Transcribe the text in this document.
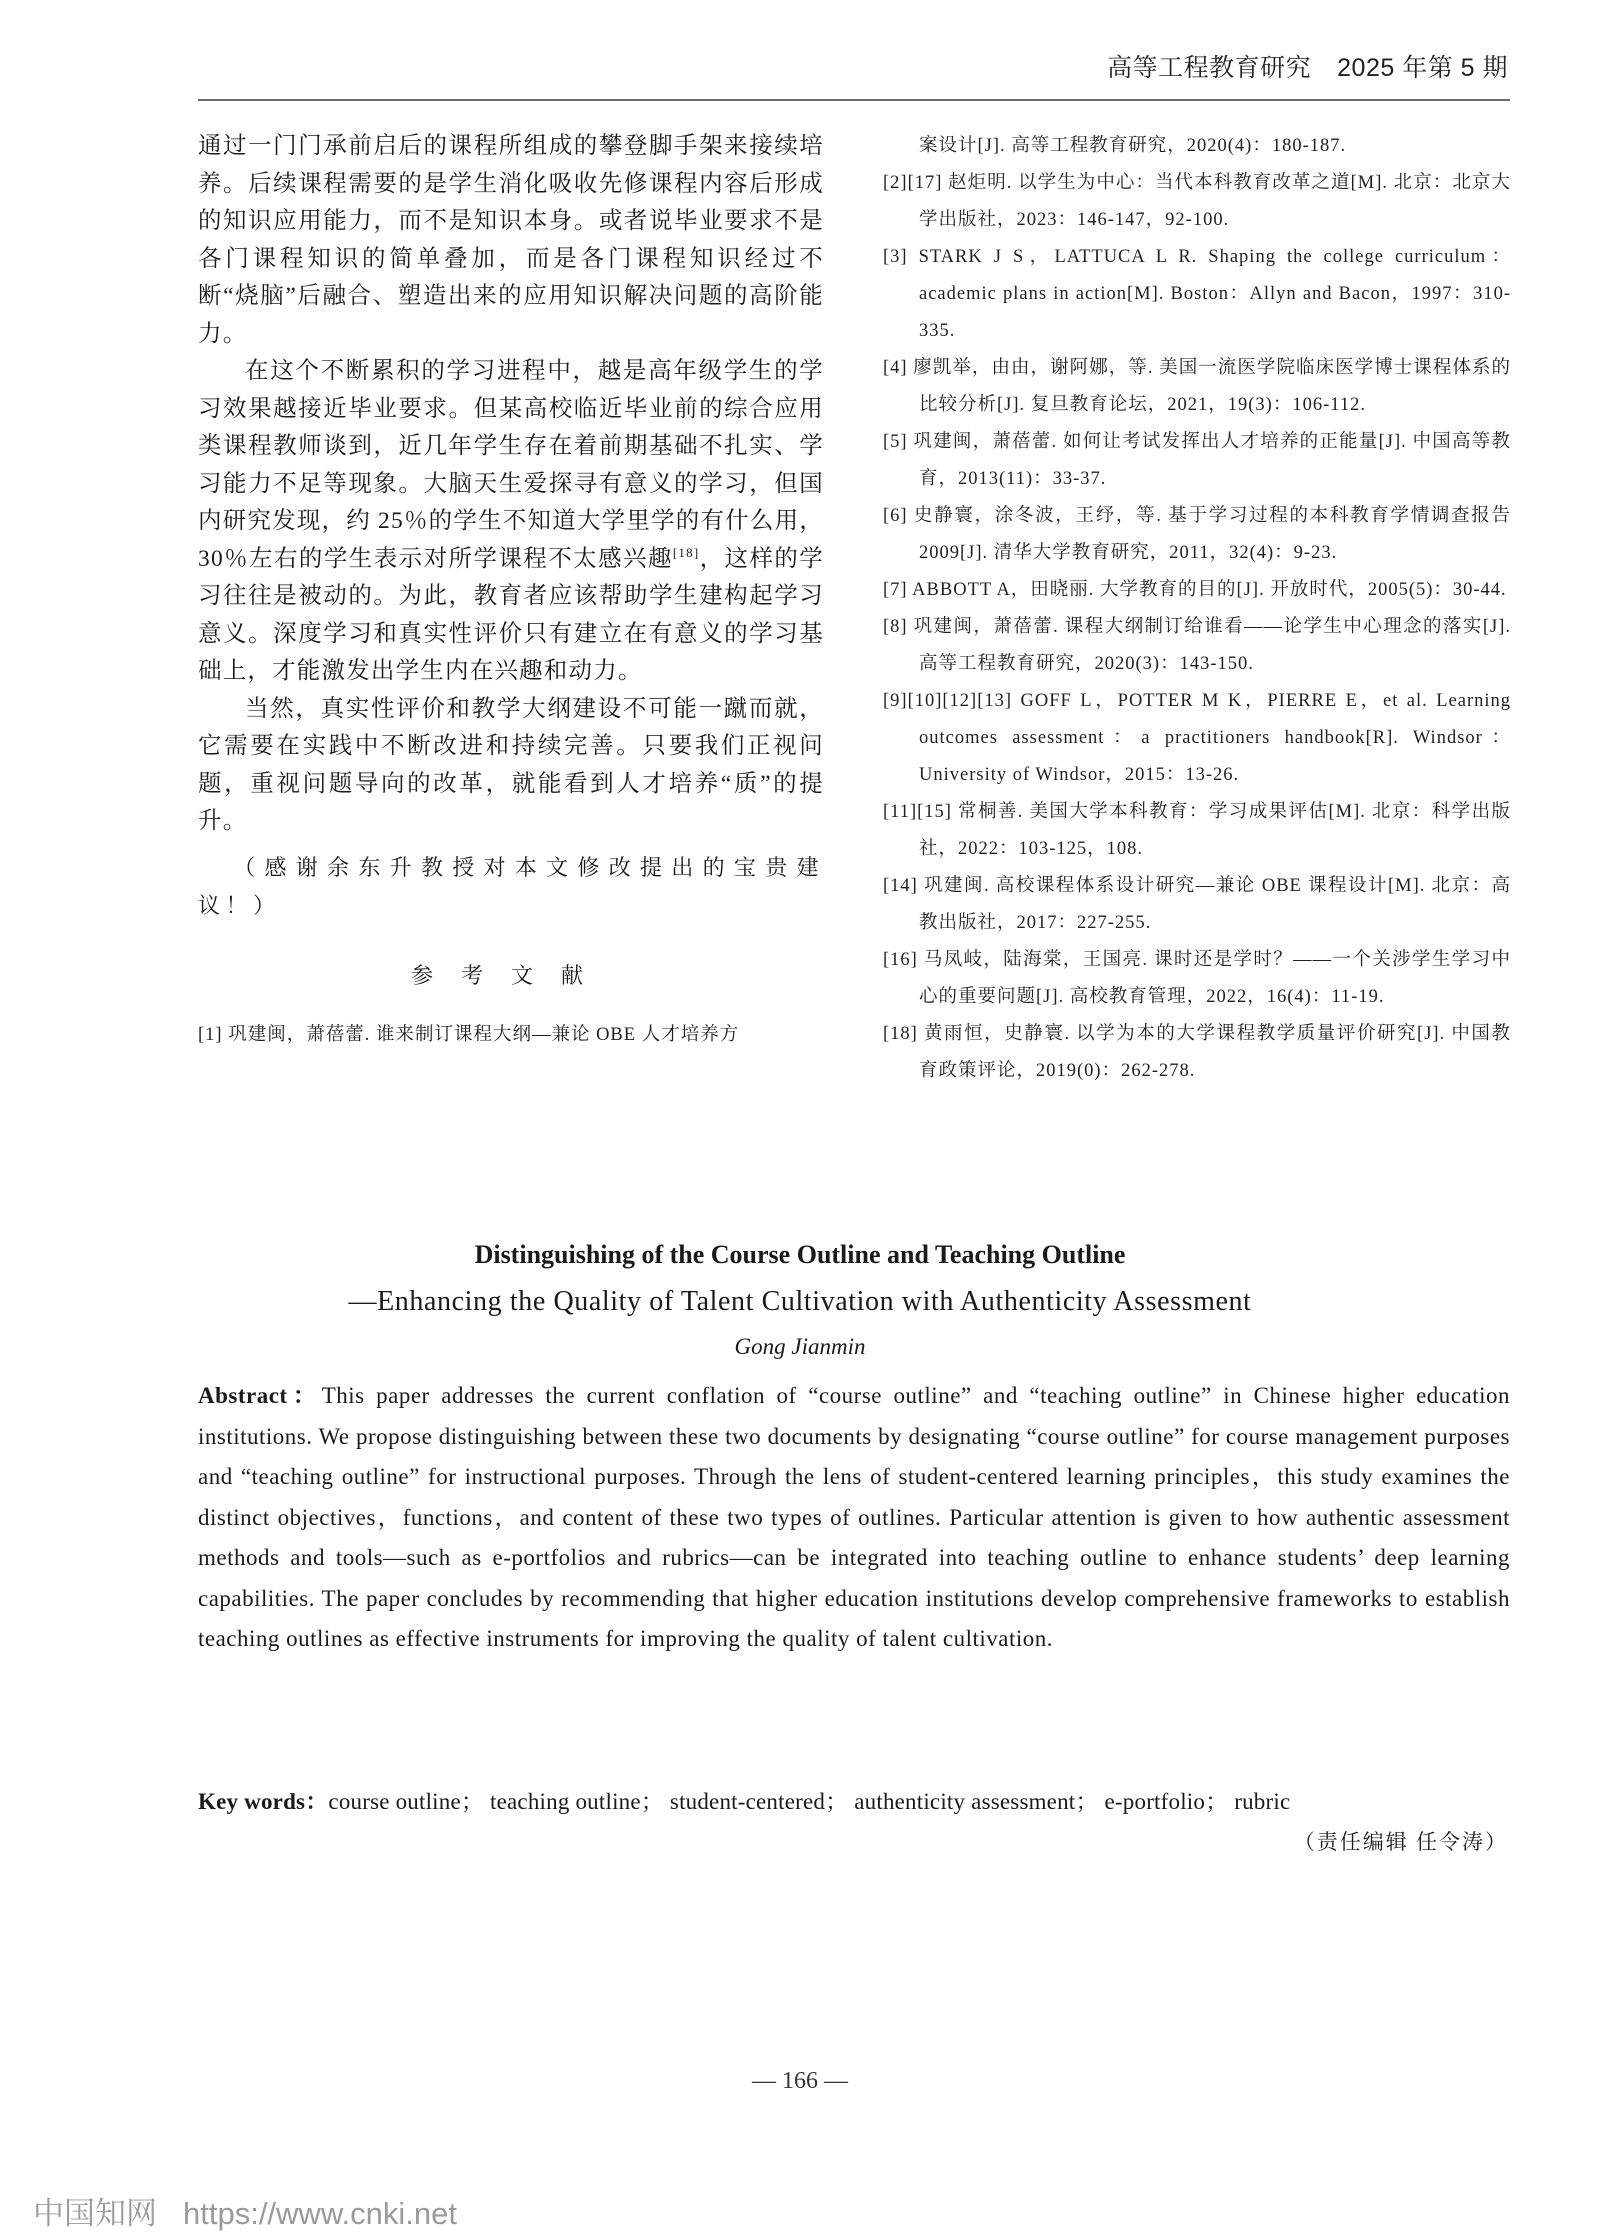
高等工程教育研究 2025 年第 5 期

通过一门门承前启后的课程所组成的攀登脚手架来接续培养。后续课程需要的是学生消化吸收先修课程内容后形成的知识应用能力，而不是知识本身。或者说毕业要求不是各门课程知识的简单叠加，而是各门课程知识经过不断“烧脑”后融合、塑造出来的应用知识解决问题的高阶能力。

在这个不断累积的学习进程中，越是高年级学生的学习效果越接近毕业要求。但某高校临近毕业前的综合应用类课程教师谈到，近几年学生存在着前期基础不扎实、学习能力不足等现象。大脑天生爱探寻有意义的学习，但国内研究发现，约 25％的学生不知道大学里学的有什么用，30％左右的学生表示对所学课程不太感兴趣[18]，这样的学习往往是被动的。为此，教育者应该帮助学生建构起学习意义。深度学习和真实性评价只有建立在有意义的学习基础上，才能激发出学生内在兴趣和动力。

当然，真实性评价和教学大纲建设不可能一蹴而就，它需要在实践中不断改进和持续完善。只要我们正视问题，重视问题导向的改革，就能看到人才培养“质”的提升。

（感谢余东升教授对本文修改提出的宝贵建议！）

参考文献

[1] 巩建闽，萧蓓蕾. 谁来制订课程大纲—兼论 OBE 人才培养方

案设计[J]. 高等工程教育研究，2020(4)：180-187.

[2][17] 赵炬明. 以学生为中心：当代本科教育改革之道[M]. 北京：北京大学出版社，2023：146-147，92-100.

[3] STARK J S，LATTUCA L R. Shaping the college curriculum：academic plans in action[M]. Boston：Allyn and Bacon，1997：310-335.

[4] 廖凯举，由由，谢阿娜，等. 美国一流医学院临床医学博士课程体系的比较分析[J]. 复旦教育论坛，2021，19(3)：106-112.

[5] 巩建闽，萧蓓蕾. 如何让考试发挥出人才培养的正能量[J]. 中国高等教育，2013(11)：33-37.

[6] 史静寰，涂冬波，王纾，等. 基于学习过程的本科教育学情调查报告 2009[J]. 清华大学教育研究，2011，32(4)：9-23.

[7] ABBOTT A，田晓丽. 大学教育的目的[J]. 开放时代，2005(5)：30-44.

[8] 巩建闽，萧蓓蕾. 课程大纲制订给谁看——论学生中心理念的落实[J]. 高等工程教育研究，2020(3)：143-150.

[9][10][12][13] GOFF L，POTTER M K，PIERRE E，et al. Learning outcomes assessment：a practitioners handbook[R]. Windsor：University of Windsor，2015：13-26.

[11][15] 常桐善. 美国大学本科教育：学习成果评估[M]. 北京：科学出版社，2022：103-125，108.

[14] 巩建闽. 高校课程体系设计研究—兼论 OBE 课程设计[M]. 北京：高教出版社，2017：227-255.

[16] 马凤岐，陆海棠，王国亮. 课时还是学时？——一个关涉学生学习中心的重要问题[J]. 高校教育管理，2022，16(4)：11-19.

[18] 黄雨恒，史静寰. 以学为本的大学课程教学质量评价研究[J]. 中国教育政策评论，2019(0)：262-278.

Distinguishing of the Course Outline and Teaching Outline
—Enhancing the Quality of Talent Cultivation with Authenticity Assessment
Gong Jianmin

Abstract：This paper addresses the current conflation of “course outline” and “teaching outline” in Chinese higher education institutions. We propose distinguishing between these two documents by designating “course outline” for course management purposes and “teaching outline” for instructional purposes. Through the lens of student-centered learning principles，this study examines the distinct objectives，functions，and content of these two types of outlines. Particular attention is given to how authentic assessment methods and tools—such as e-portfolios and rubrics—can be integrated into teaching outline to enhance students’ deep learning capabilities. The paper concludes by recommending that higher education institutions develop comprehensive frameworks to establish teaching outlines as effective instruments for improving the quality of talent cultivation.

Key words：course outline； teaching outline； student-centered； authenticity assessment； e-portfolio； rubric

（责任编辑 任令涛）
— 166 —
中国知网 https://www.cnki.net
